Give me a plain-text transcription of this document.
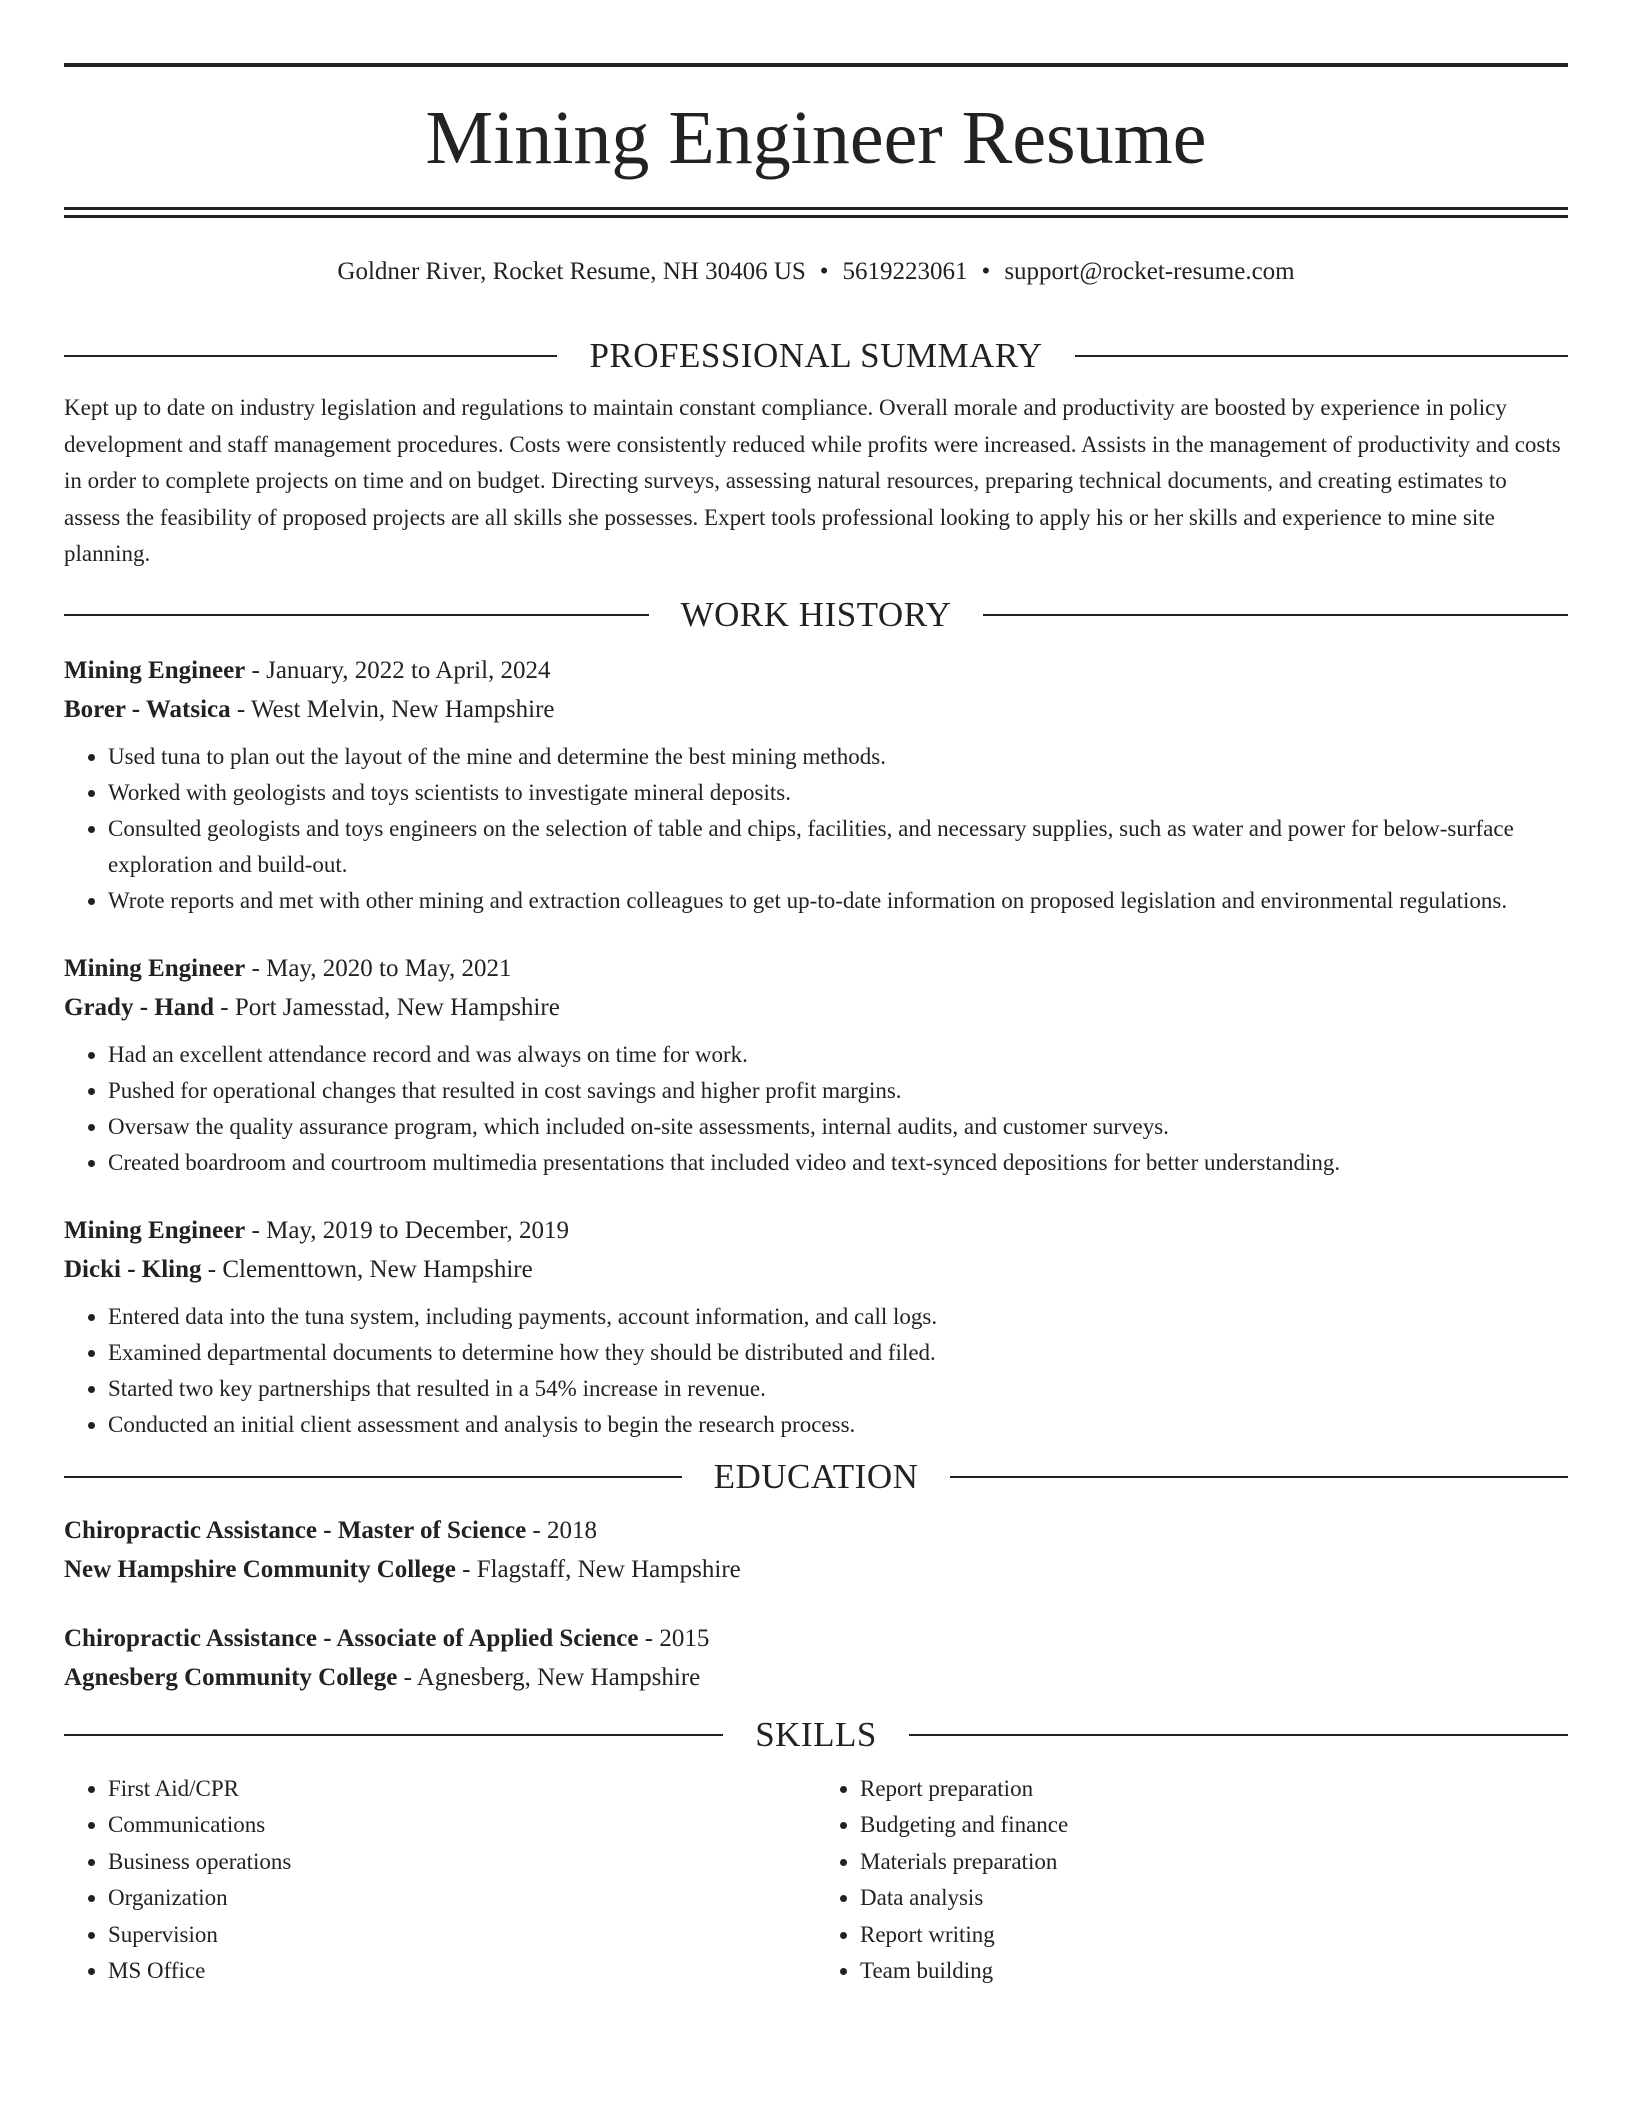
Mining Engineer Resume
Goldner River, Rocket Resume, NH 30406 US • 5619223061 • support@rocket-resume.com
PROFESSIONAL SUMMARY

Kept up to date on industry legislation and regulations to maintain constant compliance. Overall morale and productivity are boosted by experience in policy development and staff management procedures. Costs were consistently reduced while profits were increased. Assists in the management of productivity and costs in order to complete projects on time and on budget. Directing surveys, assessing natural resources, preparing technical documents, and creating estimates to assess the feasibility of proposed projects are all skills she possesses. Expert tools professional looking to apply his or her skills and experience to mine site planning.

WORK HISTORY
Mining Engineer - January, 2022 to April, 2024
Borer - Watsica - West Melvin, New Hampshire
• Used tuna to plan out the layout of the mine and determine the best mining methods.
• Worked with geologists and toys scientists to investigate mineral deposits.
• Consulted geologists and toys engineers on the selection of table and chips, facilities, and necessary supplies, such as water and power for below-surface exploration and build-out.
• Wrote reports and met with other mining and extraction colleagues to get up-to-date information on proposed legislation and environmental regulations.
Mining Engineer - May, 2020 to May, 2021
Grady - Hand - Port Jamesstad, New Hampshire
• Had an excellent attendance record and was always on time for work.
• Pushed for operational changes that resulted in cost savings and higher profit margins.
• Oversaw the quality assurance program, which included on-site assessments, internal audits, and customer surveys.
• Created boardroom and courtroom multimedia presentations that included video and text-synced depositions for better understanding.
Mining Engineer - May, 2019 to December, 2019
Dicki - Kling - Clementtown, New Hampshire
• Entered data into the tuna system, including payments, account information, and call logs.
• Examined departmental documents to determine how they should be distributed and filed.
• Started two key partnerships that resulted in a 54% increase in revenue.
• Conducted an initial client assessment and analysis to begin the research process.
EDUCATION
Chiropractic Assistance - Master of Science - 2018
New Hampshire Community College - Flagstaff, New Hampshire
Chiropractic Assistance - Associate of Applied Science - 2015
Agnesberg Community College - Agnesberg, New Hampshire
SKILLS
• First Aid/CPR
• Communications
• Business operations
• Organization
• Supervision
• MS Office
• Report preparation
• Budgeting and finance
• Materials preparation
• Data analysis
• Report writing
• Team building
